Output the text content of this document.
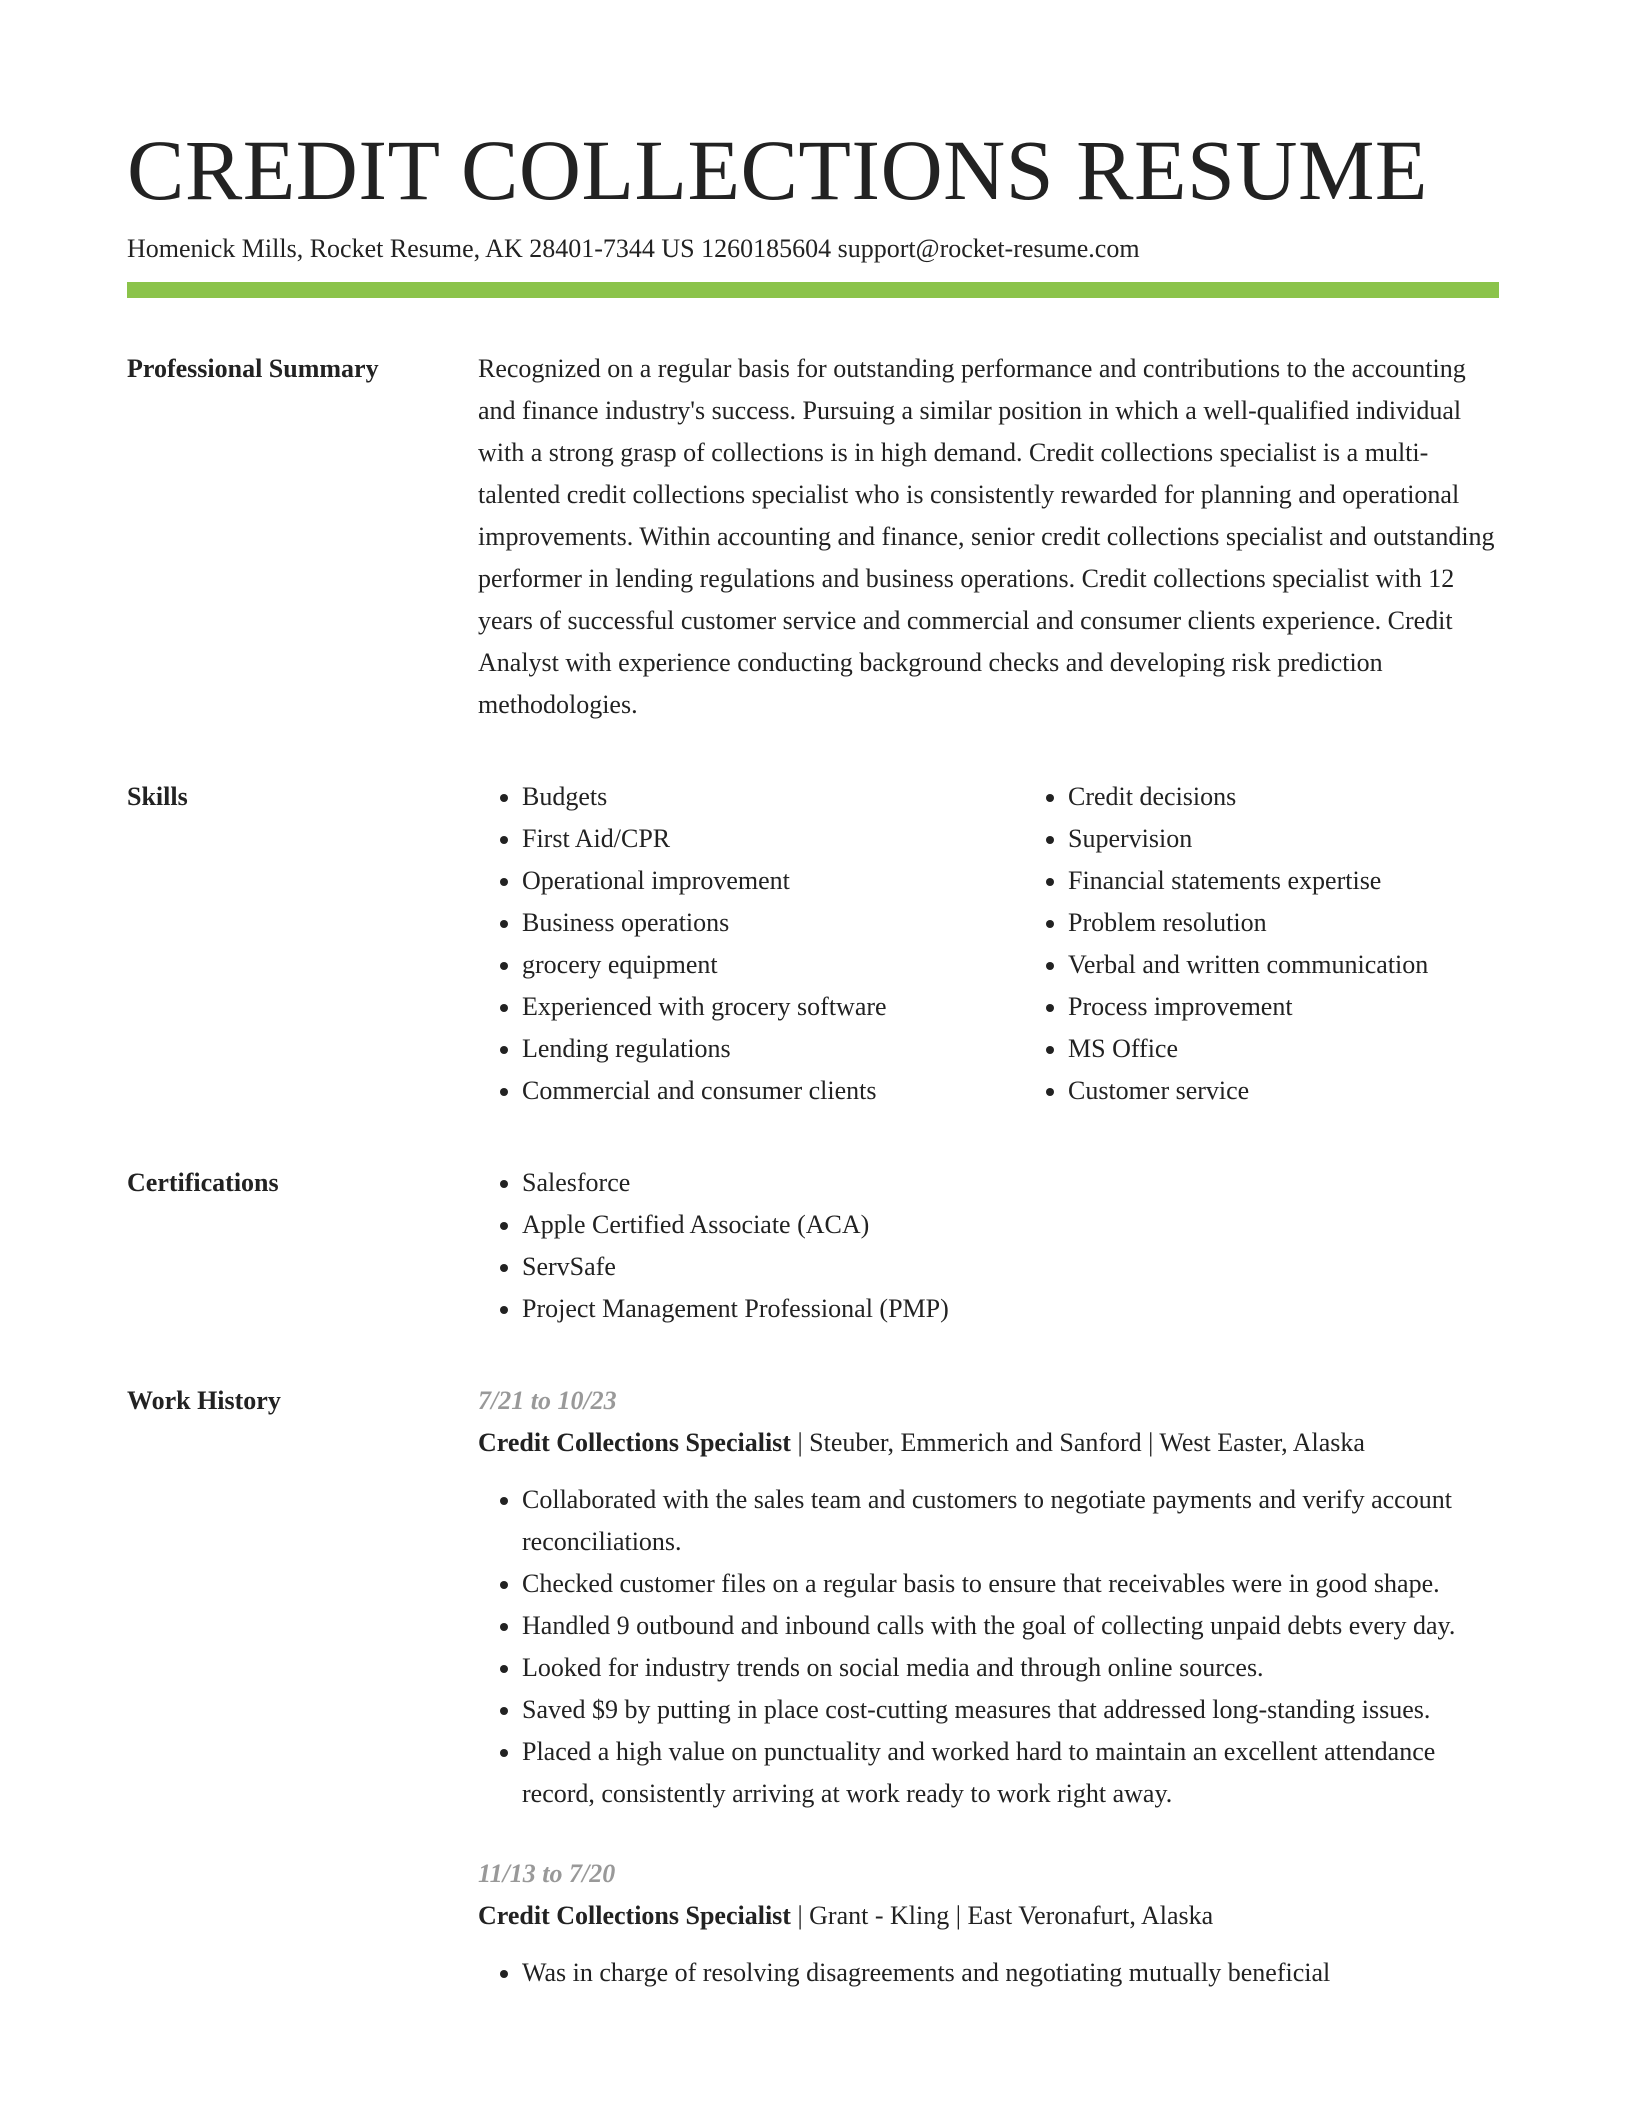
CREDIT COLLECTIONS RESUME
Homenick Mills, Rocket Resume, AK 28401-7344 US 1260185604 support@rocket-resume.com
Professional Summary	Recognized on a regular basis for outstanding performance and contributions to the accounting and finance industry's success. Pursuing a similar position in which a well-qualified individual with a strong grasp of collections is in high demand. Credit collections specialist is a multi-talented credit collections specialist who is consistently rewarded for planning and operational improvements. Within accounting and finance, senior credit collections specialist and outstanding performer in lending regulations and business operations. Credit collections specialist with 12 years of successful customer service and commercial and consumer clients experience. Credit Analyst with experience conducting background checks and developing risk prediction methodologies.

Skills	• Budgets
• First Aid/CPR
• Operational improvement
• Business operations
• grocery equipment
• Experienced with grocery software
• Lending regulations
• Commercial and consumer clients
• Credit decisions
• Supervision
• Financial statements expertise
• Problem resolution
• Verbal and written communication
• Process improvement
• MS Office
• Customer service
Certifications	• Salesforce
• Apple Certified Associate (ACA)
• ServSafe
• Project Management Professional (PMP)
Work History	7/21 to 10/23
Credit Collections Specialist | Steuber, Emmerich and Sanford | West Easter, Alaska
• Collaborated with the sales team and customers to negotiate payments and verify account reconciliations.
• Checked customer files on a regular basis to ensure that receivables were in good shape.
• Handled 9 outbound and inbound calls with the goal of collecting unpaid debts every day.
• Looked for industry trends on social media and through online sources.
• Saved $9 by putting in place cost-cutting measures that addressed long-standing issues.
• Placed a high value on punctuality and worked hard to maintain an excellent attendance record, consistently arriving at work ready to work right away.
11/13 to 7/20
Credit Collections Specialist | Grant - Kling | East Veronafurt, Alaska
• Was in charge of resolving disagreements and negotiating mutually beneficial
